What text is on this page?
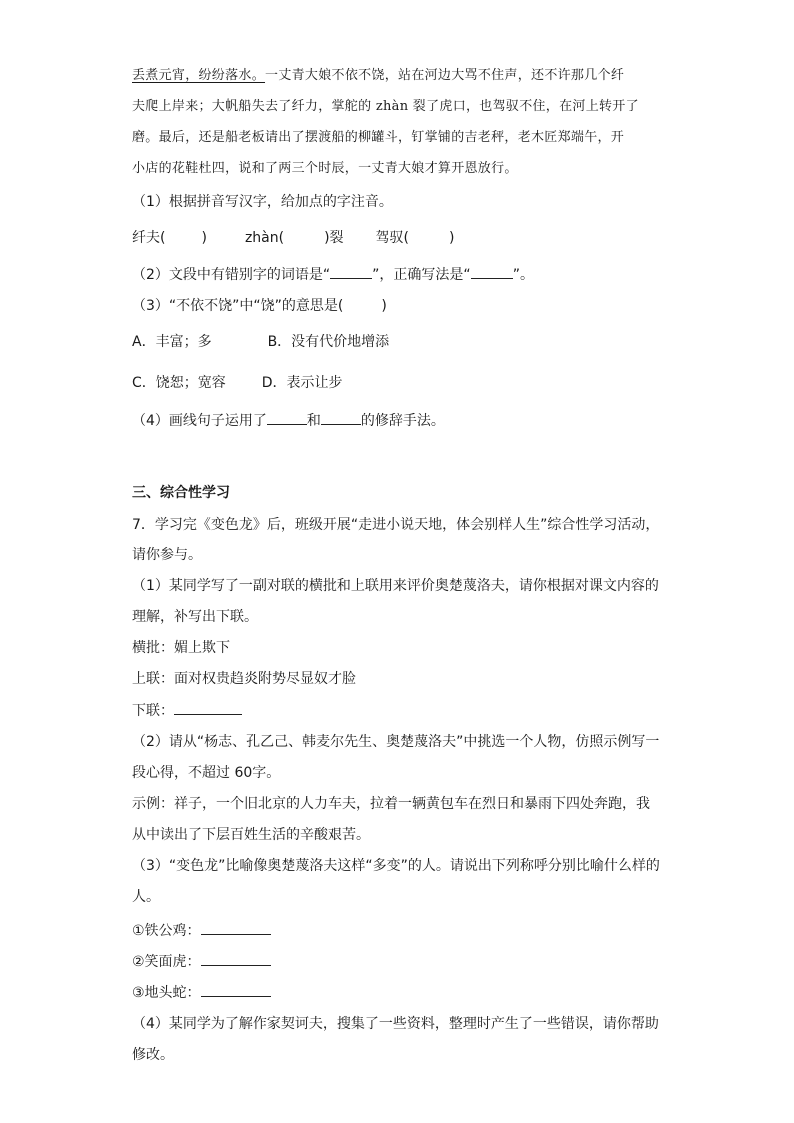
丢煮元宵，纷纷落水。一丈青大娘不依不饶，站在河边大骂不住声，还不许那几个纤
夫爬上岸来；大帆船失去了纤力，掌舵的 zhàn 裂了虎口，也驾驭不住，在河上转开了
磨。最后，还是船老板请出了摆渡船的柳罐斗，钉掌铺的吉老秤，老木匠郑端午，开
小店的花鞋杜四，说和了两三个时辰，一丈青大娘才算开恩放行。
（1）根据拼音写汉字，给加点的字注音。
纤夫(	)	zhàn(	)裂 驾驭(	)
（2）文段中有错别字的词语是“	”，正确写法是“	”。
（3）“不依不饶”中“饶”的意思是(	)
A．丰富；多	B．没有代价地增添
C．饶恕；宽容	D．表示让步
（4）画线句子运用了	和	的修辞手法。
三、综合性学习
7．学习完《变色龙》后，班级开展“走进小说天地，体会别样人生”综合性学习活动，
请你参与。
（1）某同学写了一副对联的横批和上联用来评价奥楚蔑洛夫，请你根据对课文内容的
理解，补写出下联。
横批：媚上欺下
上联：面对权贵趋炎附势尽显奴才脸
下联：
（2）请从“杨志、孔乙己、韩麦尔先生、奥楚蔑洛夫”中挑选一个人物，仿照示例写一
段心得，不超过 60字。
示例：祥子，一个旧北京的人力车夫，拉着一辆黄包车在烈日和暴雨下四处奔跑，我
从中读出了下层百姓生活的辛酸艰苦。
（3）“变色龙”比喻像奥楚蔑洛夫这样“多变”的人。请说出下列称呼分别比喻什么样的
人。
①铁公鸡：
②笑面虎：
③地头蛇：
（4）某同学为了解作家契诃夫，搜集了一些资料，整理时产生了一些错误，请你帮助
修改。
